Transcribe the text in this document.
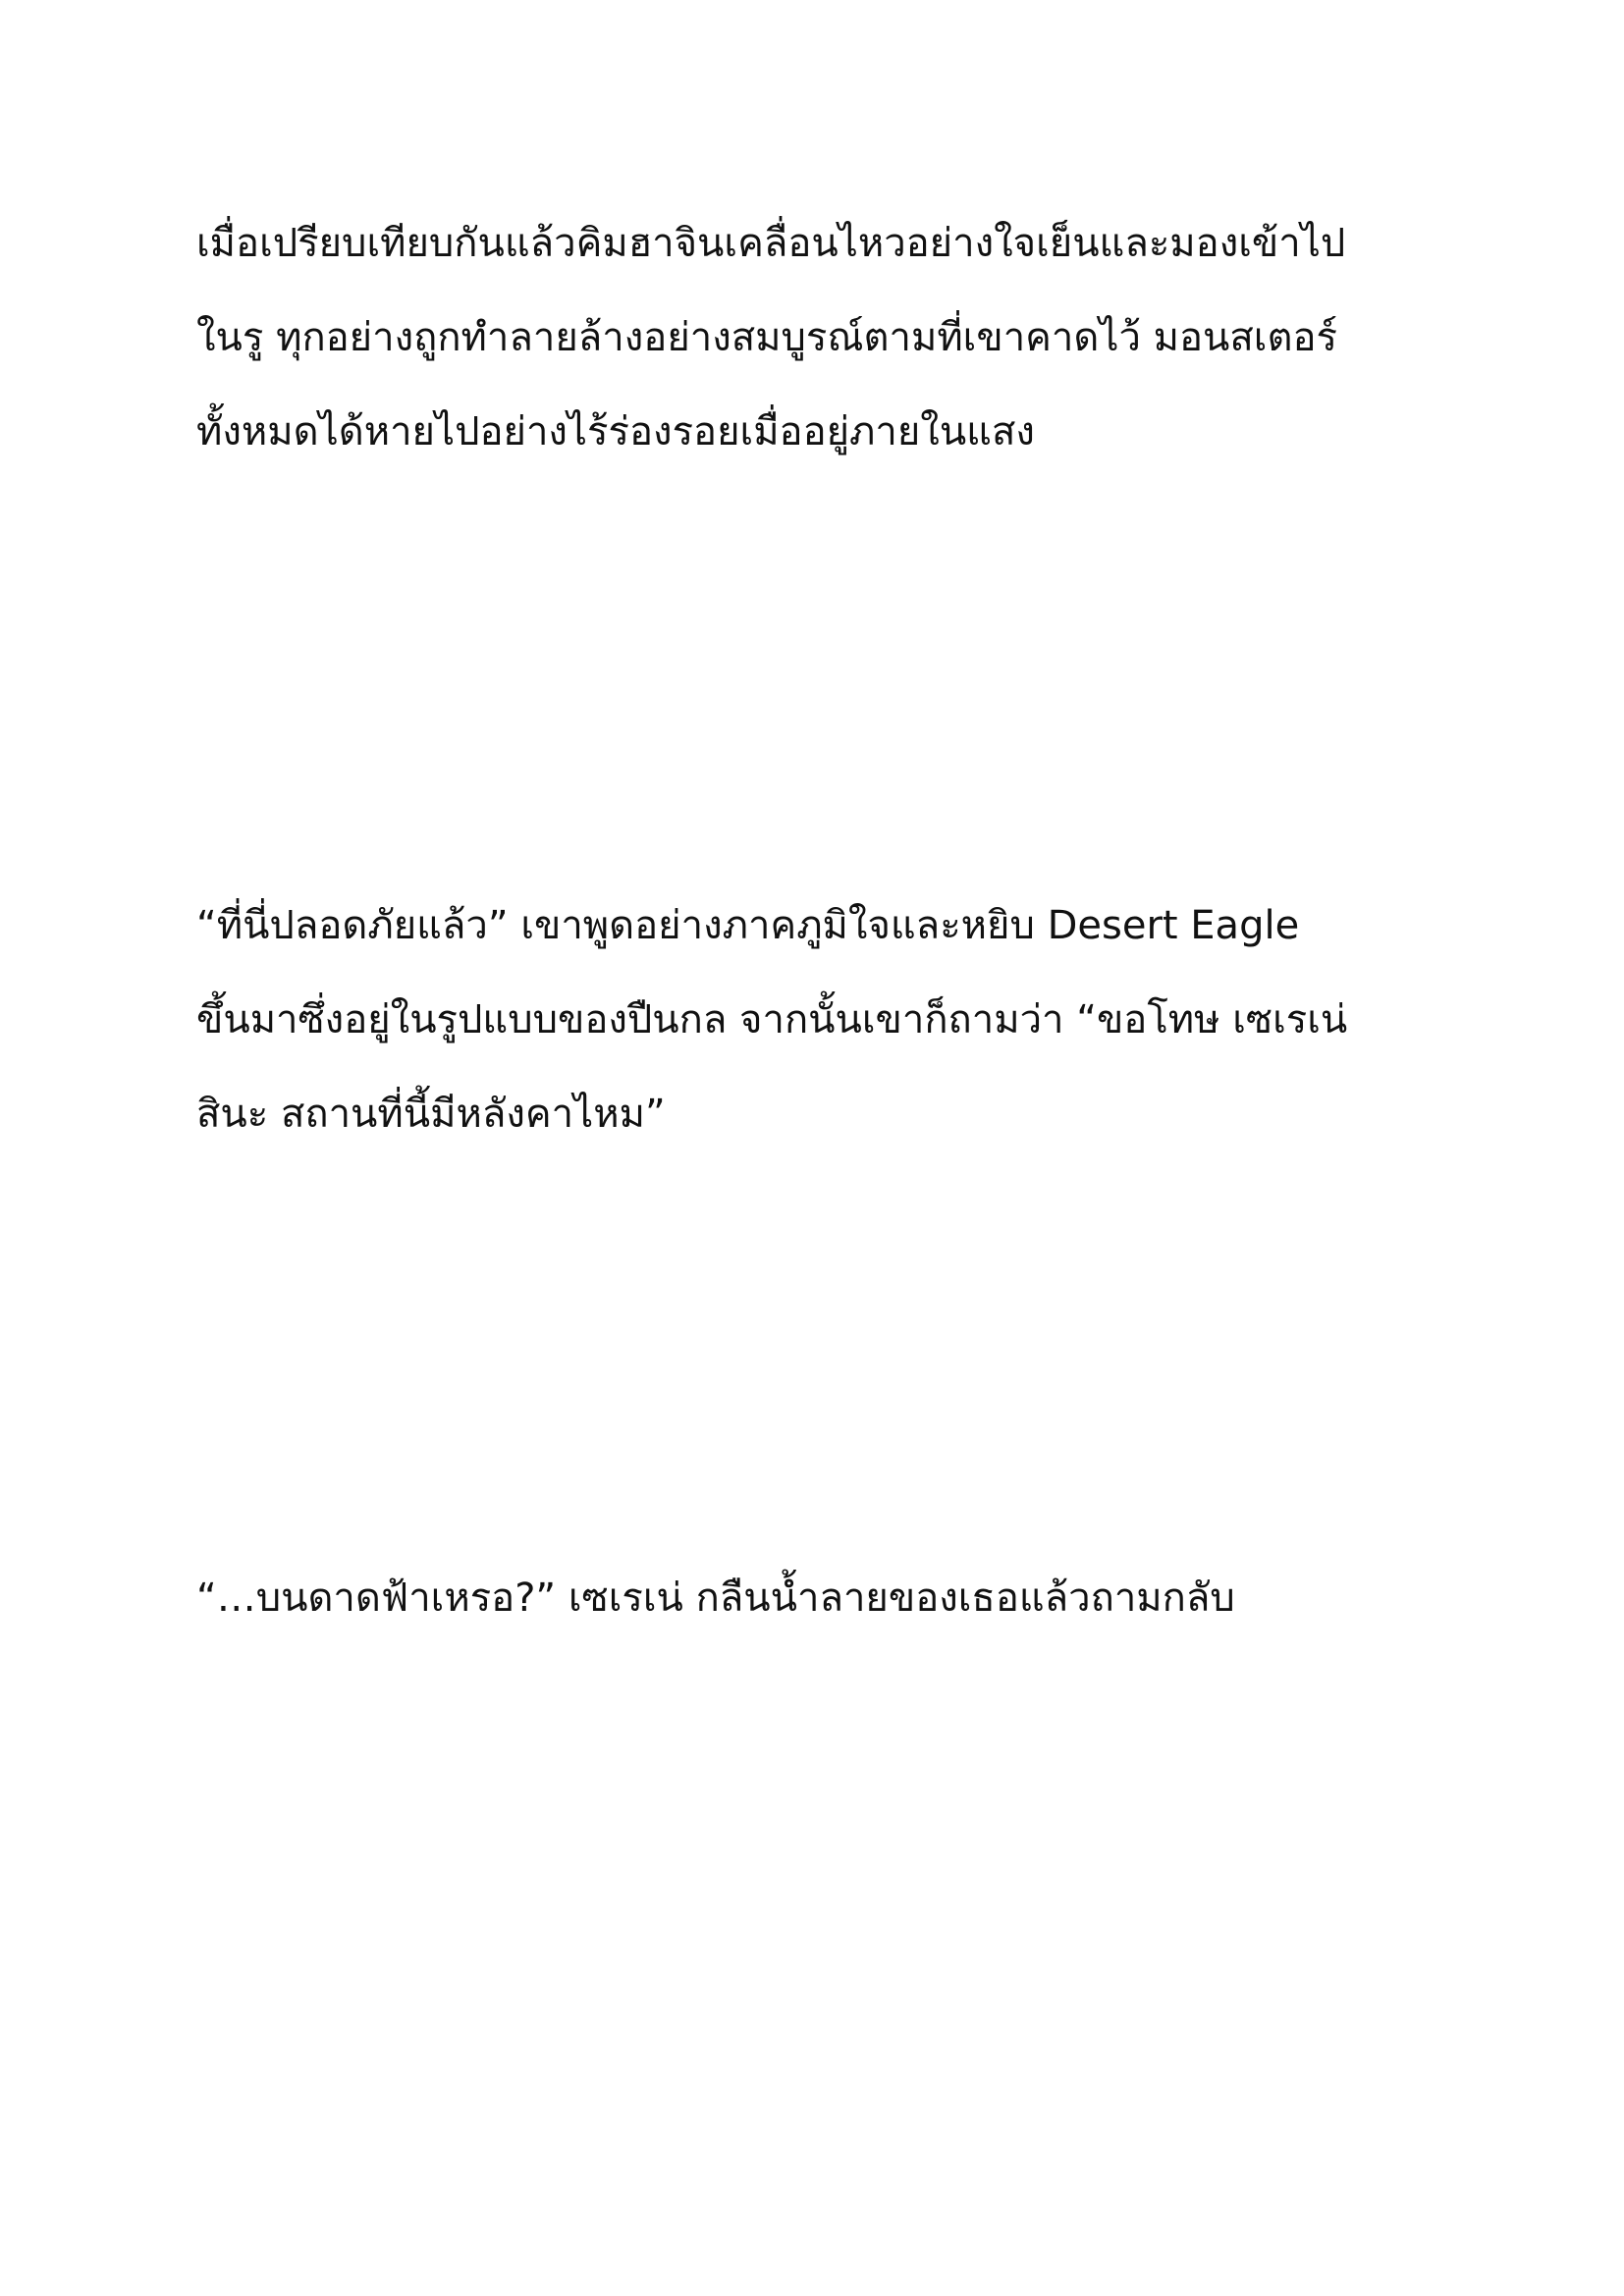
เมื่อเปรียบเทียบกันแล้วคิมฮาจินเคลื่อนไหวอย่างใจเย็นและมองเข้าไป
ในรู ทุกอย่างถูกทำลายล้างอย่างสมบูรณ์ตามที่เขาคาดไว้ มอนสเตอร์
ทั้งหมดได้หายไปอย่างไร้ร่องรอยเมื่ออยู่ภายในแสง
“ที่นี่ปลอดภัยแล้ว” เขาพูดอย่างภาคภูมิใจและหยิบ Desert Eagle
ขึ้นมาซึ่งอยู่ในรูปแบบของปืนกล จากนั้นเขาก็ถามว่า “ขอโทษ เซเรเน่
สินะ สถานที่นี้มีหลังคาไหม”
“…บนดาดฟ้าเหรอ?” เซเรเน่ กลืนน้ำลายของเธอแล้วถามกลับ
